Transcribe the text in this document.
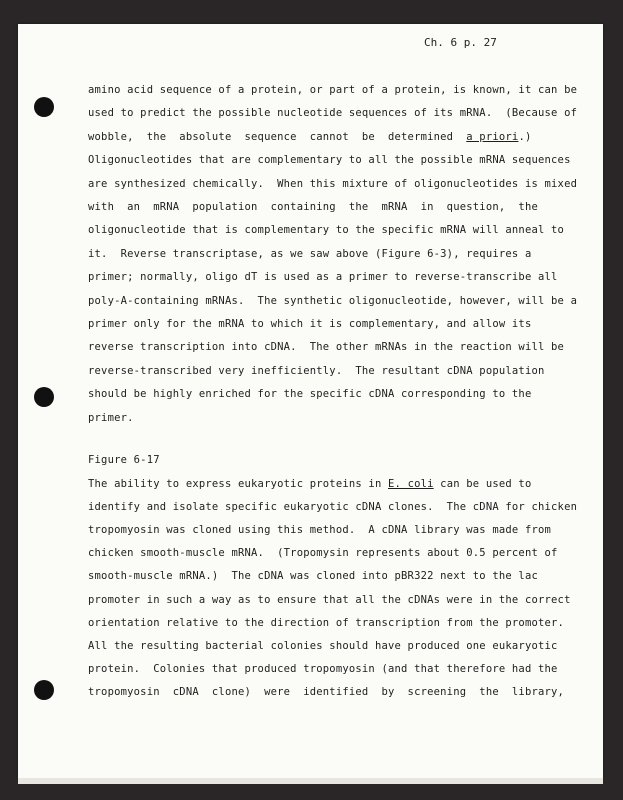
Ch. 6 p. 27
amino acid sequence of a protein, or part of a protein, is known, it can be
used to predict the possible nucleotide sequences of its mRNA.  (Because of
wobble,  the  absolute  sequence  cannot  be  determined  a priori.)
Oligonucleotides that are complementary to all the possible mRNA sequences
are synthesized chemically.  When this mixture of oligonucleotides is mixed
with  an  mRNA  population  containing  the  mRNA  in  question,  the
oligonucleotide that is complementary to the specific mRNA will anneal to
it.  Reverse transcriptase, as we saw above (Figure 6-3), requires a
primer; normally, oligo dT is used as a primer to reverse-transcribe all
poly-A-containing mRNAs.  The synthetic oligonucleotide, however, will be a
primer only for the mRNA to which it is complementary, and allow its
reverse transcription into cDNA.  The other mRNAs in the reaction will be
reverse-transcribed very inefficiently.  The resultant cDNA population
should be highly enriched for the specific cDNA corresponding to the
primer.
Figure 6-17
The ability to express eukaryotic proteins in E. coli can be used to
identify and isolate specific eukaryotic cDNA clones.  The cDNA for chicken
tropomyosin was cloned using this method.  A cDNA library was made from
chicken smooth-muscle mRNA.  (Tropomysin represents about 0.5 percent of
smooth-muscle mRNA.)  The cDNA was cloned into pBR322 next to the lac
promoter in such a way as to ensure that all the cDNAs were in the correct
orientation relative to the direction of transcription from the promoter.
All the resulting bacterial colonies should have produced one eukaryotic
protein.  Colonies that produced tropomyosin (and that therefore had the
tropomyosin  cDNA  clone)  were  identified  by  screening  the  library,
